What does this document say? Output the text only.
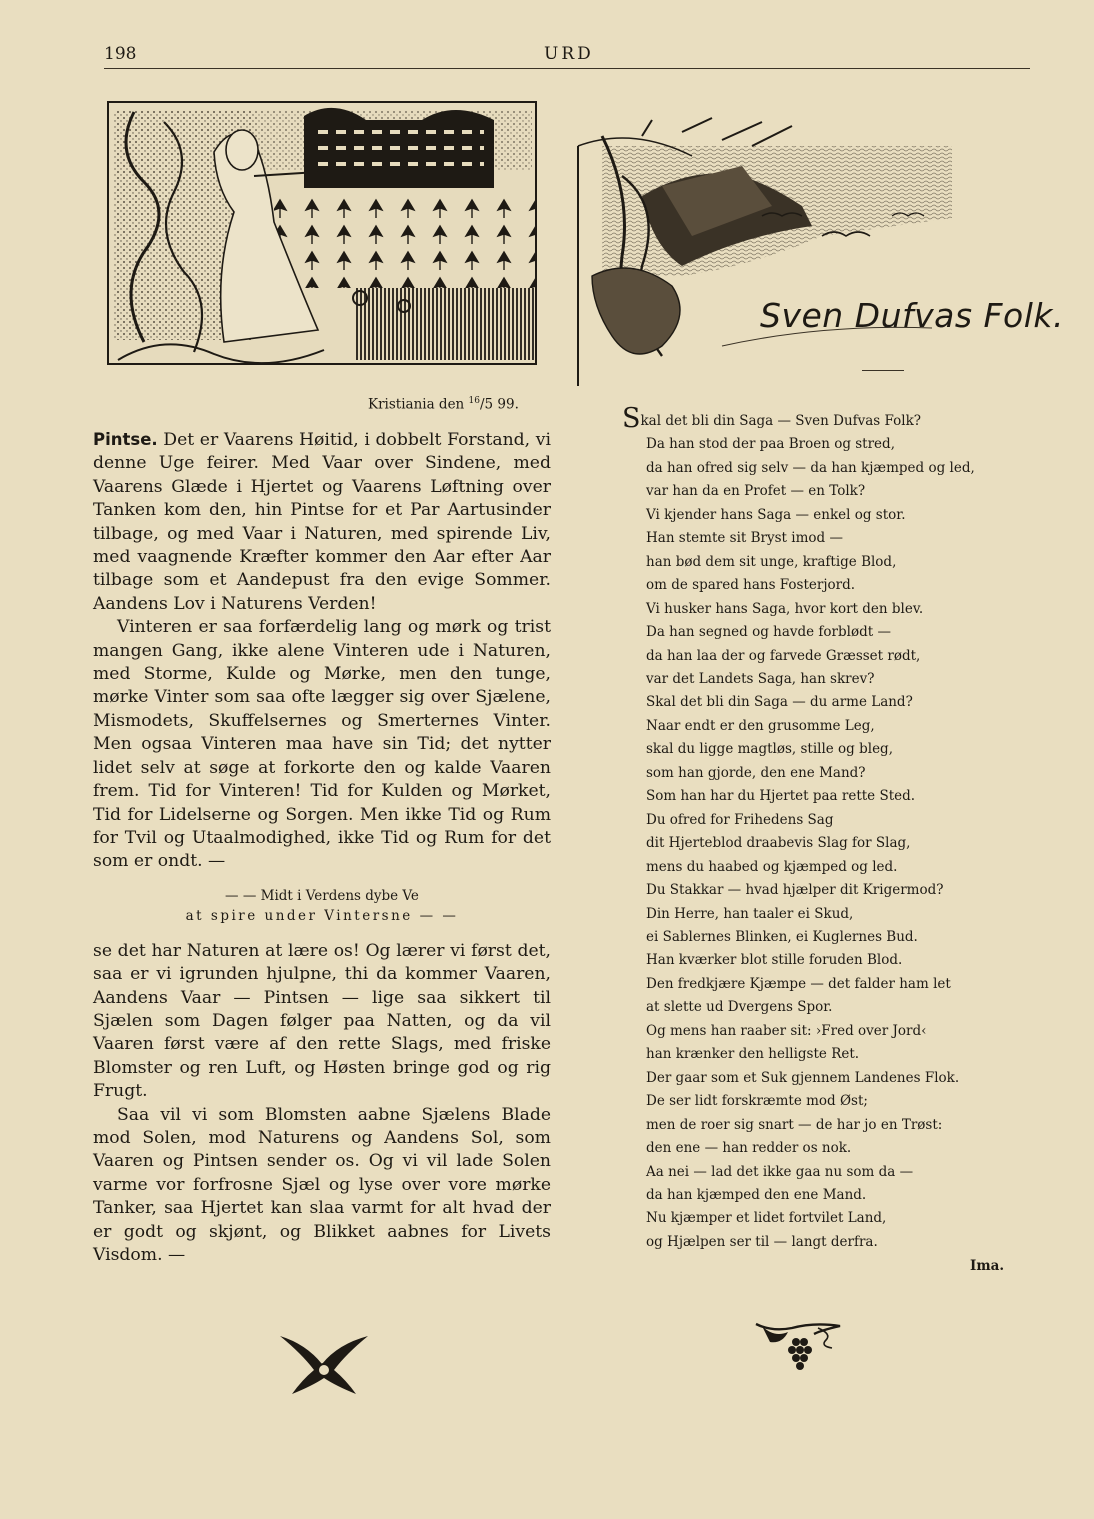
198	URD
Kristiania den $^{16}$/5 99.

Pintse. Det er Vaarens Høitid, i dobbelt Forstand, vi denne Uge feirer. Med Vaar over Sindene, med Vaarens Glæde i Hjertet og Vaarens Løftning over Tanken kom den, hin Pintse for et Par Aartusinder tilbage, og med Vaar i Naturen, med spirende Liv, med vaagnende Kræfter kommer den Aar efter Aar tilbage som et Aandepust fra den evige Sommer. Aandens Lov i Naturens Verden!

Vinteren er saa forfærdelig lang og mørk og trist mangen Gang, ikke alene Vinteren ude i Naturen, med Storme, Kulde og Mørke, men den tunge, mørke Vinter som saa ofte lægger sig over Sjælene, Mismodets, Skuffelsernes og Smerternes Vinter. Men ogsaa Vinteren maa have sin Tid; det nytter lidet selv at søge at forkorte den og kalde Vaaren frem. Tid for Vinteren! Tid for Kulden og Mørket, Tid for Lidelserne og Sorgen. Men ikke Tid og Rum for Tvil og Utaalmodighed, ikke Tid og Rum for det som er ondt. —

— — Midt i Verdens dybe Ve
at spire under Vintersne — —

se det har Naturen at lære os! Og lærer vi først det, saa er vi igrunden hjulpne, thi da kommer Vaaren, Aandens Vaar — Pintsen — lige saa sikkert til Sjælen som Dagen følger paa Natten, og da vil Vaaren først være af den rette Slags, med friske Blomster og ren Luft, og Høsten bringe god og rig Frugt.

Saa vil vi som Blomsten aabne Sjælens Blade mod Solen, mod Naturens og Aandens Sol, som Vaaren og Pintsen sender os. Og vi vil lade Solen varme vor forfrosne Sjæl og lyse over vore mørke Tanker, saa Hjertet kan slaa varmt for alt hvad der er godt og skjønt, og Blikket aabnes for Livets Visdom. —

Sven Dufvas Folk.
Skal det bli din Saga — Sven Dufvas Folk?
Da han stod der paa Broen og stred,
da han ofred sig selv — da han kjæmped og led,
var han da en Profet — en Tolk?
Vi kjender hans Saga — enkel og stor.
Han stemte sit Bryst imod —
han bød dem sit unge, kraftige Blod,
om de spared hans Fosterjord.
Vi husker hans Saga, hvor kort den blev.
Da han segned og havde forblødt —
da han laa der og farvede Græsset rødt,
var det Landets Saga, han skrev?
Skal det bli din Saga — du arme Land?
Naar endt er den grusomme Leg,
skal du ligge magtløs, stille og bleg,
som han gjorde, den ene Mand?
Som han har du Hjertet paa rette Sted.
Du ofred for Frihedens Sag
dit Hjerteblod draabevis Slag for Slag,
mens du haabed og kjæmped og led.
Du Stakkar — hvad hjælper dit Krigermod?
Din Herre, han taaler ei Skud,
ei Sablernes Blinken, ei Kuglernes Bud.
Han kværker blot stille foruden Blod.
Den fredkjære Kjæmpe — det falder ham let
at slette ud Dvergens Spor.
Og mens han raaber sit: ›Fred over Jord‹
han krænker den helligste Ret.
Der gaar som et Suk gjennem Landenes Flok.
De ser lidt forskræmte mod Øst;
men de roer sig snart — de har jo en Trøst:
den ene — han redder os nok.
Aa nei — lad det ikke gaa nu som da —
da han kjæmped den ene Mand.
Nu kjæmper et lidet fortvilet Land,
og Hjælpen ser til — langt derfra.
Ima.
